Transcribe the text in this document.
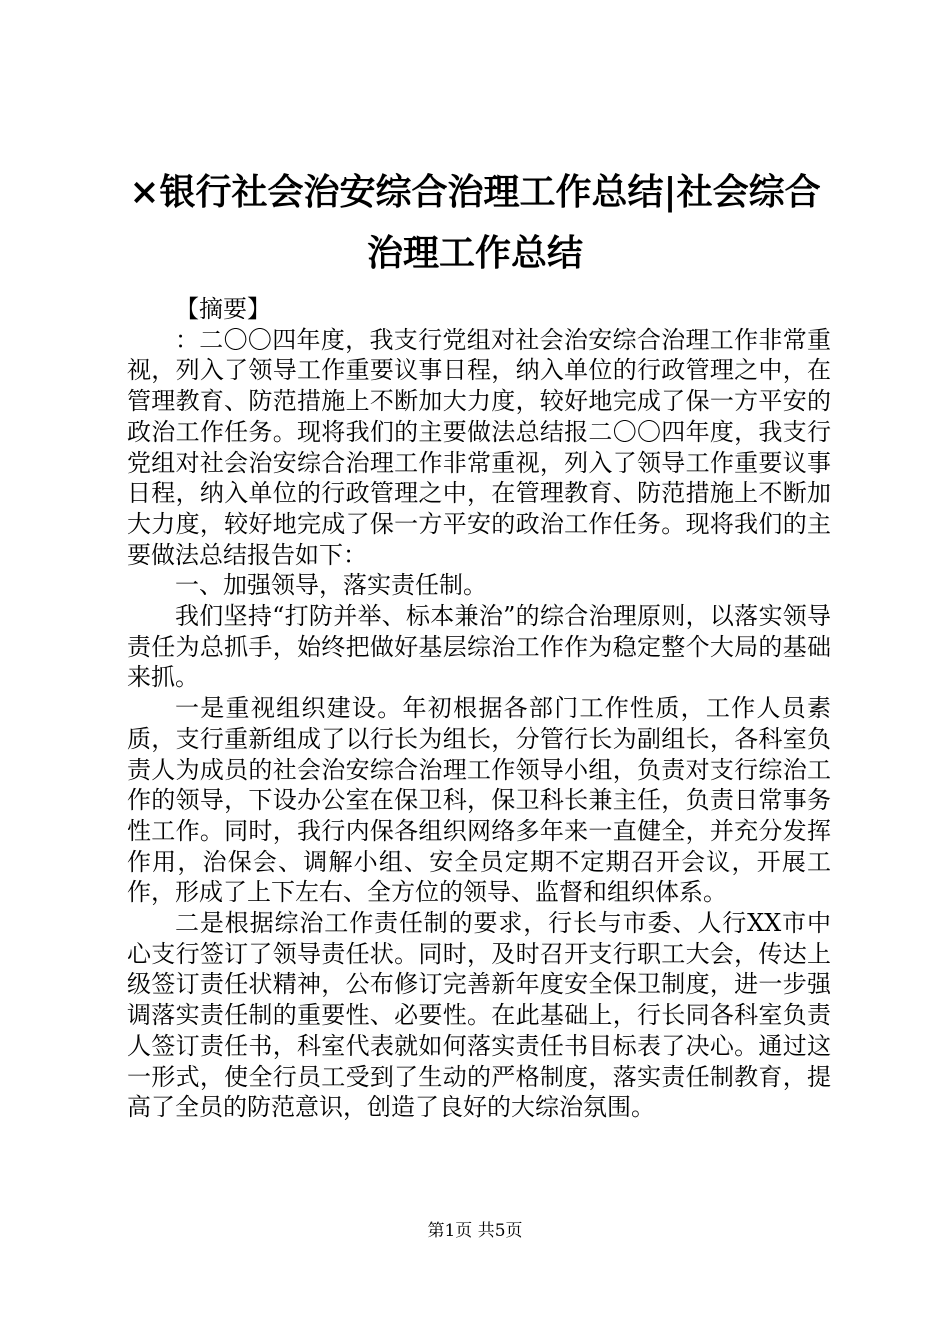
×银行社会治安综合治理工作总结|社会综合
治理工作总结

【摘要】

：二〇〇四年度，我支行党组对社会治安综合治理工作非常重视，列入了领导工作重要议事日程，纳入单位的行政管理之中，在管理教育、防范措施上不断加大力度，较好地完成了保一方平安的政治工作任务。现将我们的主要做法总结报二〇〇四年度，我支行党组对社会治安综合治理工作非常重视，列入了领导工作重要议事日程，纳入单位的行政管理之中，在管理教育、防范措施上不断加大力度，较好地完成了保一方平安的政治工作任务。现将我们的主要做法总结报告如下：

一、加强领导，落实责任制。

我们坚持“打防并举、标本兼治”的综合治理原则，以落实领导责任为总抓手，始终把做好基层综治工作作为稳定整个大局的基础来抓。

一是重视组织建设。年初根据各部门工作性质，工作人员素质，支行重新组成了以行长为组长，分管行长为副组长，各科室负责人为成员的社会治安综合治理工作领导小组，负责对支行综治工作的领导，下设办公室在保卫科，保卫科长兼主任，负责日常事务性工作。同时，我行内保各组织网络多年来一直健全，并充分发挥作用，治保会、调解小组、安全员定期不定期召开会议，开展工作，形成了上下左右、全方位的领导、监督和组织体系。

二是根据综治工作责任制的要求，行长与市委、人行XX市中心支行签订了领导责任状。同时，及时召开支行职工大会，传达上级签订责任状精神，公布修订完善新年度安全保卫制度，进一步强调落实责任制的重要性、必要性。在此基础上，行长同各科室负责人签订责任书，科室代表就如何落实责任书目标表了决心。通过这一形式，使全行员工受到了生动的严格制度，落实责任制教育，提高了全员的防范意识，创造了良好的大综治氛围。

第1页 共5页
